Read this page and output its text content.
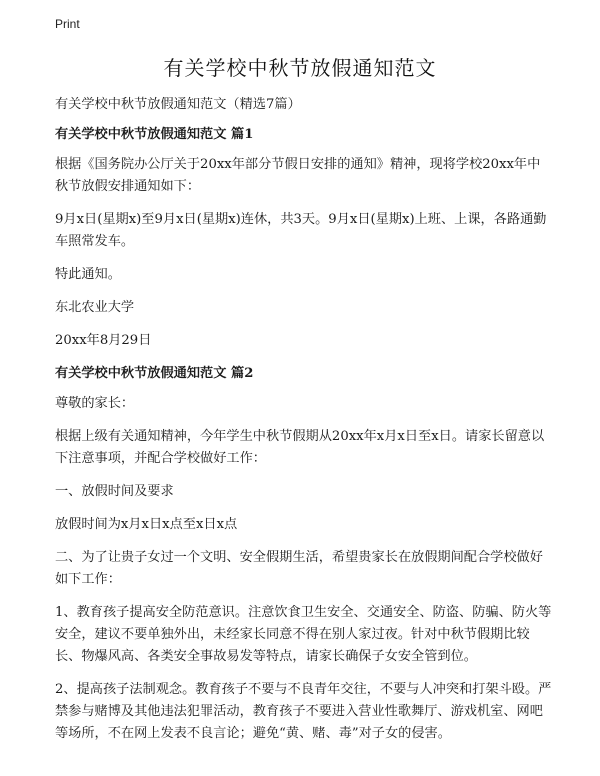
Print
有关学校中秋节放假通知范文

有关学校中秋节放假通知范文（精选7篇）

有关学校中秋节放假通知范文 篇1

根据《国务院办公厅关于20xx年部分节假日安排的通知》精神，现将学校20xx年中秋节放假安排通知如下：

9月x日(星期x)至9月x日(星期x)连休，共3天。9月x日(星期x)上班、上课，各路通勤车照常发车。

特此通知。

东北农业大学

20xx年8月29日

有关学校中秋节放假通知范文 篇2

尊敬的家长：

根据上级有关通知精神，今年学生中秋节假期从20xx年x月x日至x日。请家长留意以下注意事项，并配合学校做好工作：

一、放假时间及要求

放假时间为x月x日x点至x日x点

二、为了让贵子女过一个文明、安全假期生活，希望贵家长在放假期间配合学校做好如下工作：

1、教育孩子提高安全防范意识。注意饮食卫生安全、交通安全、防盗、防骗、防火等安全，建议不要单独外出，未经家长同意不得在别人家过夜。针对中秋节假期比较长、物爆风高、各类安全事故易发等特点，请家长确保子女安全管到位。

2、提高孩子法制观念。教育孩子不要与不良青年交往，不要与人冲突和打架斗殴。严禁参与赌博及其他违法犯罪活动，教育孩子不要进入营业性歌舞厅、游戏机室、网吧等场所，不在网上发表不良言论；避免“黄、赌、毒”对子女的侵害。
